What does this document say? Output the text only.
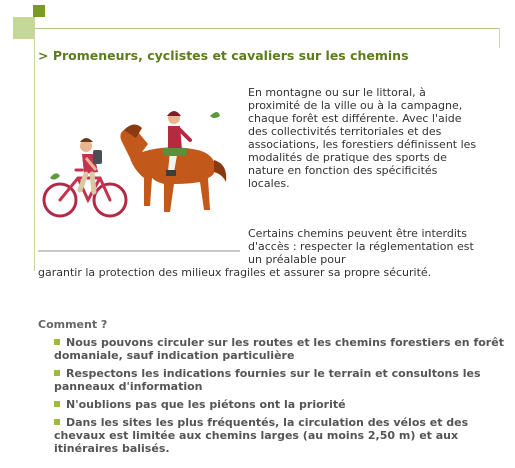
> Promeneurs, cyclistes et cavaliers sur les chemins

En montagne ou sur le littoral, à proximité de la ville ou à la campagne, chaque forêt est différente. Avec l'aide des collectivités territoriales et des associations, les forestiers définissent les modalités de pratique des sports de nature en fonction des spécificités locales.

Certains chemins peuvent être interdits d'accès : respecter la réglementation est un préalable pour

garantir la protection des milieux fragiles et assurer sa propre sécurité.

Comment ?
Nous pouvons circuler sur les routes et les chemins forestiers en forêt domaniale, sauf indication particulière
Respectons les indications fournies sur le terrain et consultons les panneaux d'information
N'oublions pas que les piétons ont la priorité
Dans les sites les plus fréquentés, la circulation des vélos et des chevaux est limitée aux chemins larges (au moins 2,50 m) et aux itinéraires balisés.
